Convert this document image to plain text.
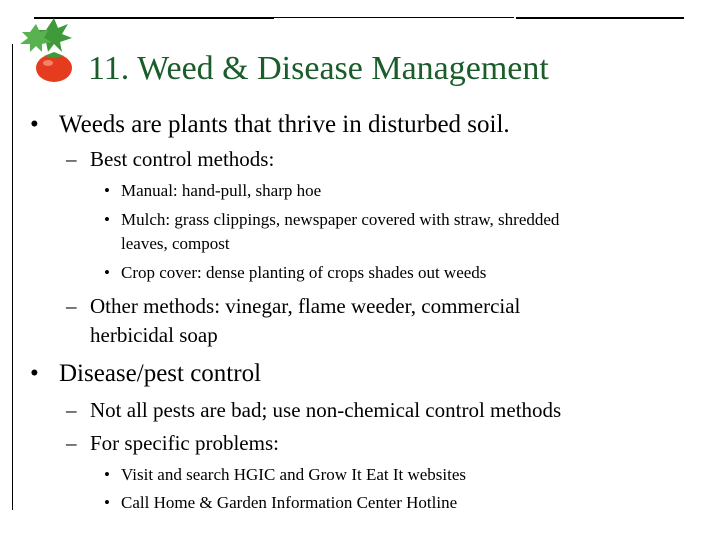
11. Weed & Disease Management
• Weeds are plants that thrive in disturbed soil.
– Best control methods:
• Manual: hand-pull, sharp hoe
• Mulch: grass clippings, newspaper covered with straw, shredded
leaves, compost
• Crop cover: dense planting of crops shades out weeds
– Other methods: vinegar, flame weeder, commercial
herbicidal soap
• Disease/pest control
– Not all pests are bad; use non-chemical control methods
– For specific problems:
• Visit and search HGIC and Grow It Eat It websites
• Call Home & Garden Information Center Hotline
